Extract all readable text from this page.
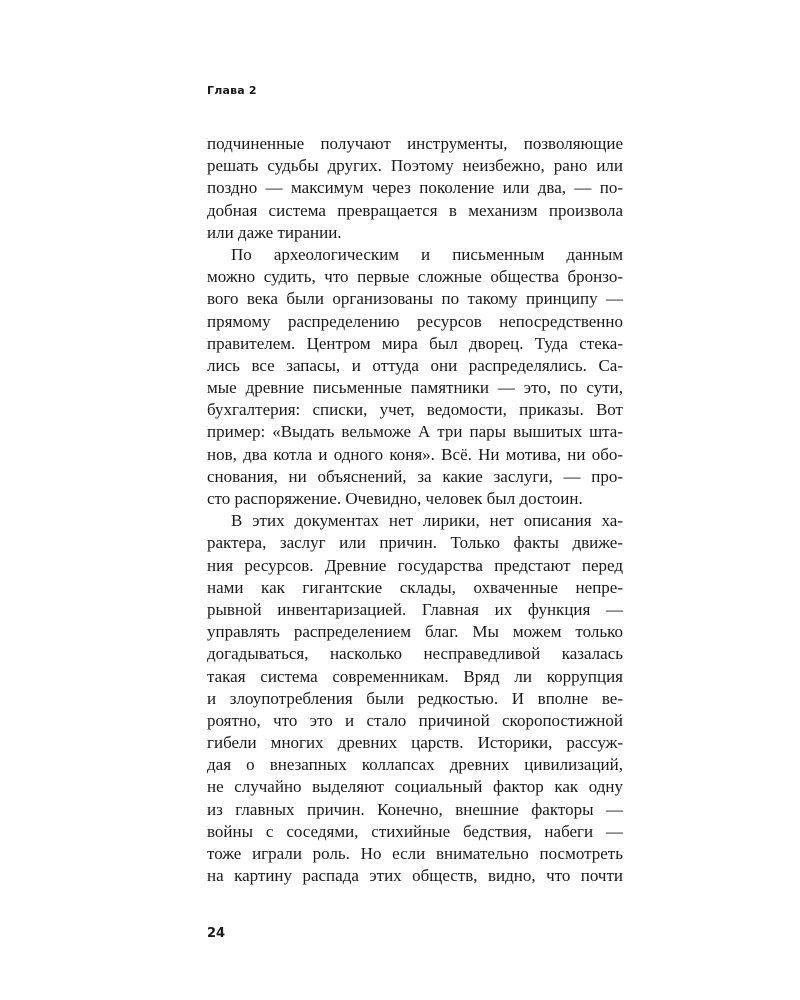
Глава 2
подчиненные получают инструменты, позволяющие
решать судьбы других. Поэтому неизбежно, рано или
поздно — максимум через поколение или два, — по-
добная система превращается в механизм произвола
или даже тирании.
По археологическим и письменным данным
можно судить, что первые сложные общества бронзо-
вого века были организованы по такому принципу —
прямому распределению ресурсов непосредственно
правителем. Центром мира был дворец. Туда стека-
лись все запасы, и оттуда они распределялись. Са-
мые древние письменные памятники — это, по сути,
бухгалтерия: списки, учет, ведомости, приказы. Вот
пример: «Выдать вельможе А три пары вышитых шта-
нов, два котла и одного коня». Всё. Ни мотива, ни обо-
снования, ни объяснений, за какие заслуги, — про-
сто распоряжение. Очевидно, человек был достоин.
В этих документах нет лирики, нет описания ха-
рактера, заслуг или причин. Только факты движе-
ния ресурсов. Древние государства предстают перед
нами как гигантские склады, охваченные непре-
рывной инвентаризацией. Главная их функция —
управлять распределением благ. Мы можем только
догадываться, насколько несправедливой казалась
такая система современникам. Вряд ли коррупция
и злоупотребления были редкостью. И вполне ве-
роятно, что это и стало причиной скоропостижной
гибели многих древних царств. Историки, рассуж-
дая о внезапных коллапсах древних цивилизаций,
не случайно выделяют социальный фактор как одну
из главных причин. Конечно, внешние факторы —
войны с соседями, стихийные бедствия, набеги —
тоже играли роль. Но если внимательно посмотреть
на картину распада этих обществ, видно, что почти
24
